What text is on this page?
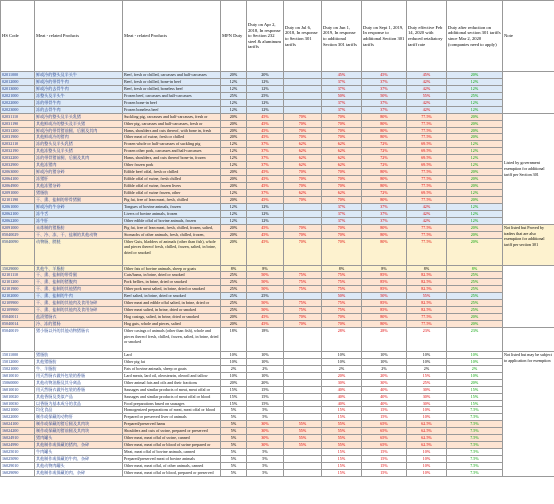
HS Code	Meat - related Products	Meat - related Products	MFN Duty	Duty on Apr 2, 2018, In response to Section 232 steel & aluminum tariffs	Duty on Jul 6, 2018, In response to Section 301 tariffs	Duty on Jun 1, 2019, In response to additional Section 301 tariffs	Duty on Sept 1, 2019, In response to additional Section 301 tariffs	Duty effective Feb 14, 2020 with reduced retaliatory tariff rate	Duty after reduction on additional section 301 tariffs since Mar 2, 2020 (companies need to apply)	Note
02011000	鲜或冷的整头及半头牛	Beef, fresh or chilled, carcasses and half-carcasses	20%	20%		45%	45%	45%	20%	
02012000	鲜或冷的带骨牛肉	Beef, fresh or chilled, bone-in beef	12%	12%		37%	37%	42%	12%	
02013000	鲜或冷的去骨牛肉	Beef, fresh or chilled, boneless beef	12%	12%		37%	37%	42%	12%	
02021000	冻整头及半头牛	Frozen beef, carcasses and half-carcasses	25%	25%		50%	50%	55%	25%	
02022000	冻的带骨牛肉	Frozen bone-in beef	12%	12%		37%	37%	42%	12%	
02023000	冻的去骨牛肉	Frozen boneless beef	12%	12%		37%	37%	42%	12%	
02031110	鲜或冷的整头及半头乳猪	Suckling pig, carcasses and half-carcasses, fresh or	20%	45%	70%	70%	80%	77.5%	20%	Listed by government exemption for additional tariff per Section 301
02031190	其他鲜或冷的整头及半头猪	Other pig, carcasses and half-carcasses, fresh or	20%	45%	70%	70%	80%	77.5%	20%	
02031200	鲜或冷的带骨猪前腿、后腿及其肉	Hams, shoulders and cuts thereof, with bone in, fresh	20%	45%	70%	70%	80%	77.5%	20%	
02031900	其他鲜或冷的猪肉	Other meat of swine, fresh or chilled	20%	45%	70%	70%	80%	77.5%	20%	
02032110	冻的整头及半头乳猪	Frozen whole or half-carcasses of suckling pig	12%	37%	62%	62%	72%	69.5%	12%	
02032190	其他冻整头及半头猪	Frozen other pork, carcasses and half-carcasses	12%	37%	62%	62%	72%	69.5%	12%	
02032200	冻的带骨猪前腿、后腿及其肉	Hams, shoulders, and cuts thereof bone-in, frozen	12%	37%	62%	62%	72%	69.5%	12%	
02032900	其他冻猪肉	Other frozen pork	12%	37%	62%	62%	72%	69.5%	12%	
02063000	鲜或冷的猪杂碎	Edible beef offal, fresh or chilled	20%	45%	70%	70%	80%	77.5%	20%	
02064100	冻猪肝	Edible offal of swine, fresh chilled	20%	45%	70%	70%	80%	77.5%	20%	
02064900	其他冻猪杂碎	Edible offal of swine, frozen livers	20%	45%	70%	70%	80%	77.5%	20%	
02091000	猪脂肪	Edible offal of swine frozen, other	12%	37%	62%	62%	72%	69.5%	12%	
02101190	干、熏、盐制的带骨猪腿	Pig fat, free of lean meat, fresh, chilled	20%	45%	70%	70%	80%	77.5%	20%	
02061000	鲜或冷的牛杂碎	Tongues of bovine animals, frozen	12%	12%		37%	37%	42%	12%	
02062100	冻牛舌	Livers of bovine animals, frozen	12%	12%		37%	37%	42%	12%	
02062200	冻牛肝	Other edible offal of bovine animals, frozen	12%	12%		37%	37%	42%	12%	
02091000	未炼制的猪脂肪	Pig fat, free of lean meat, fresh, chilled, frozen, salted,	20%	45%	70%	70%	80%	77.5%	20%	Not listed but Proved by traders that are also exemption for additional tariff per section 301
05040029	干、冷、冻、干、盐制的其他动物	Stomachs of other animals, fresh, chilled, frozen,	20%	45%	70%	70%	80%	77.5%	20%	
05040090	动物肠、膀胱	Other Guts, bladders of animals (other than fish), whole and pieces thereof fresh, chilled, frozen, salted, in brine, dried or smoked	20%	45%	70%	70%	80%	77.5%	20%	
15029000	其他牛、羊脂肪	Other fats of bovine animals, sheep or goats	8%	8%		8%	8%	8%	8%	
02101110	干、熏、盐制的带骨腿	Cuts/hams, in brine, dried or smoked	25%	50%	75%	75%	85%	82.5%	25%	
02101200	干、熏、盐制的猪腹肉	Pork bellies, in brine, dried or smoked	25%	50%	75%	75%	85%	82.5%	25%	
02101900	干、熏、盐制的其他猪肉	Other pork meat salted, in brine, dried or smoked	25%	50%	75%	75%	85%	82.5%	25%	
02102000	干、熏、盐制的牛肉	Beef salted, in brine, dried or smoked	25%	25%		50%	50%	55%	25%	
02109900	干、熏、盐制的其他肉及食用杂碎	Other meat and edible offal salted, in brine, dried or	25%	50%	75%	75%	85%	82.5%	25%	
02109900	干、熏、盐制的其他肉及食用杂碎	Other meat salted, in brine, dried or smoked	25%	50%	75%	75%	85%	82.5%	25%	
05040011	盐渍猪肠衣	Hog casings, salted, in brine, dried or smoked	20%	45%	70%	70%	80%	77.5%	20%	
05040014	冷、冻的猪肠	Hog guts, whole and pieces, salted	20%	45%	70%	70%	80%	77.5%	20%	
05040019	猪小肠以外的其他动物猪肠衣	Other casings of animals (other than fish), whole and pieces thereof fresh, chilled, frozen, salted, in brine, dried or smoked	18%	18%		28%	28%	23%	23%	
15011000	猪脂肪	Lard	10%	10%		10%	10%	10%	10%	Not listed but may be subject to application for exemption
15012000	其他猪脂肪	Other pig fat	10%	10%		10%	10%	10%	10%	
15021000	牛、羊脂肪	Fats of bovine animals, sheep or goats	2%	2%		2%	2%	2%	2%	
16010010	用天然肠衣做外包装的香肠	Lard meats, lard oil, oleostearin, oleooil and tallow	10%	10%		20%	20%	15%	10%	
15060000	其他动物油脂及其分离品	Other animal fats and oils and their fractions	20%	20%		30%	30%	25%	20%	
16010010	用天然肠衣做外包装的香肠	Sausages and similar products of meat, meat offal or	15%	15%		40%	40%	30%	15%	
16010020	其他香肠及类似产品	Sausages and similar products of meat offal or blood	15%	15%		40%	40%	30%	15%	
16010030	以香肠为基本成分的食品	Food preparations based on sausages	15%	15%		40%	40%	30%	15%	
16021000	均化食品	Homogenized preparations of meat, meat offal or blood	5%	5%		15%	15%	10%	7.5%	
16022000	制作或保藏的动物肝	Prepared or preserved liver of animals	5%	5%		15%	15%	10%	7.5%	
16024100	制作或保藏的猪后腿及其肉块	Prepared/preserved hams	5%	30%	55%	55%	65%	62.5%	7.5%	
16024200	制作或保藏的猪前腿及其肉块	Shoulders and cuts of swine, prepared or preserved	5%	30%	55%	55%	65%	62.5%	7.5%	
16024910	猪肉罐头	Other meat, meat offal of swine, canned	5%	30%	55%	55%	65%	62.5%	7.5%	
16024990	其他制作或保藏的猪肉、杂碎	Other meat, meat offal or blood of swine prepared or	5%	30%	55%	55%	65%	62.5%	7.5%	
16025010	牛肉罐头	Meat, meat offal of bovine animals, canned	5%	5%		15%	15%	10%	7.5%	
16025090	其他制作或保藏的牛肉、杂碎	Prepared/preserved meat of bovine animals	5%	5%		15%	15%	10%	7.5%	
16029010	其他动物肉罐头	Other meat, meat offal, of other animals, canned	5%	5%		15%	15%	10%	7.5%	
16029090	其他制作或保藏的肉、杂碎	Other meat, meat offal or blood, prepared or preserved	5%	5%		15%	15%	10%	7.5%	
